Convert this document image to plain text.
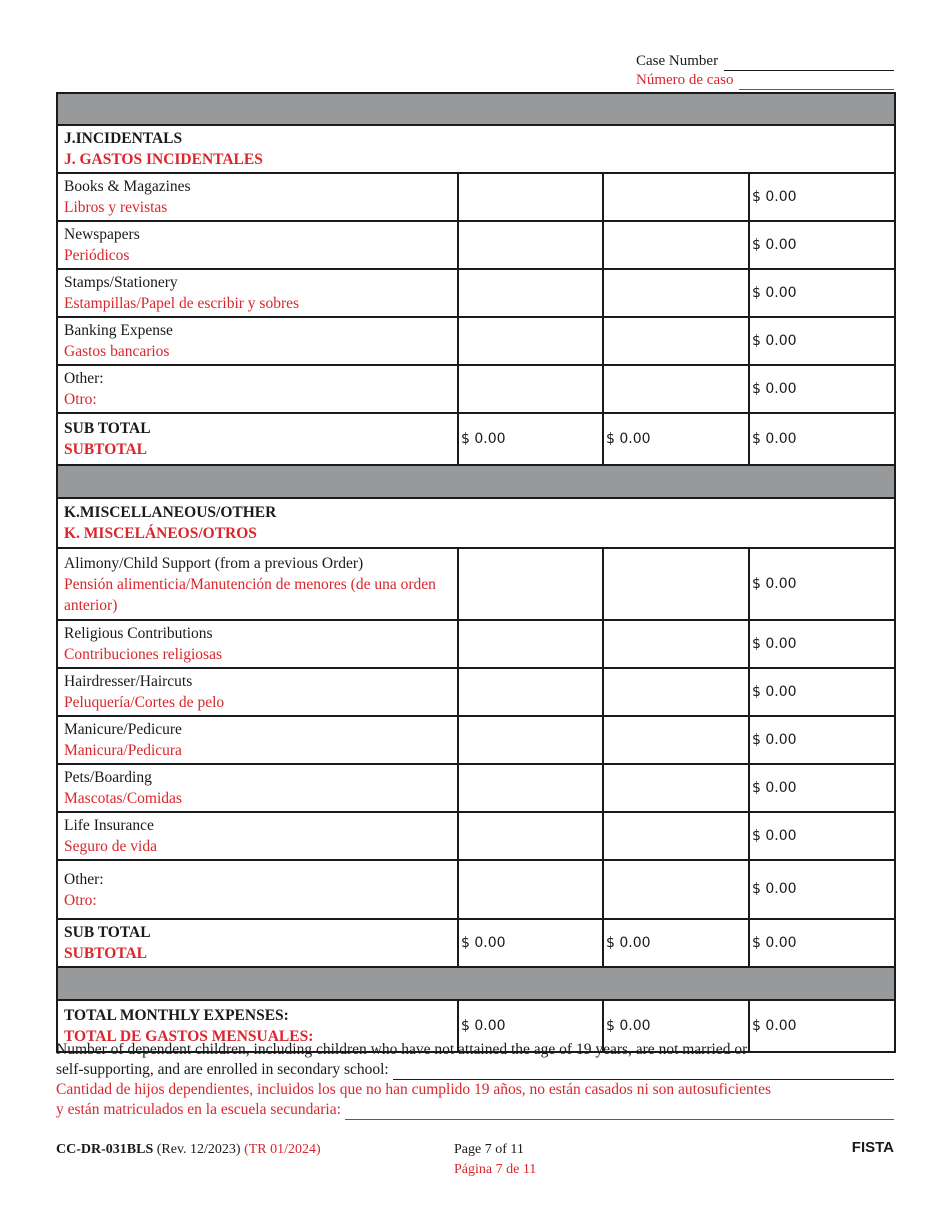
Case Number
Número de caso

J.INCIDENTALS
J. GASTOS INCIDENTALES			

Books & Magazines
Libros y revistas			$ 0.00

Newspapers
Periódicos			$ 0.00

Stamps/Stationery
Estampillas/Papel de escribir y sobres			$ 0.00

Banking Expense
Gastos bancarios			$ 0.00

Other:
Otro:			$ 0.00

SUB TOTAL
SUBTOTAL	$ 0.00	$ 0.00	$ 0.00

K.MISCELLANEOUS/OTHER
K. MISCELÁNEOS/OTROS			

Alimony/Child Support (from a previous Order)
Pensión alimenticia/Manutención de menores (de una orden anterior)			$ 0.00

Religious Contributions
Contribuciones religiosas			$ 0.00

Hairdresser/Haircuts
Peluquería/Cortes de pelo			$ 0.00

Manicure/Pedicure
Manicura/Pedicura			$ 0.00

Pets/Boarding
Mascotas/Comidas			$ 0.00

Life Insurance
Seguro de vida			$ 0.00

Other:
Otro:			$ 0.00

SUB TOTAL
SUBTOTAL	$ 0.00	$ 0.00	$ 0.00

TOTAL MONTHLY EXPENSES:
TOTAL DE GASTOS MENSUALES:	$ 0.00	$ 0.00	$ 0.00
Number of dependent children, including children who have not attained the age of 19 years, are not married or
self-supporting, and are enrolled in secondary school:
Cantidad de hijos dependientes, incluidos los que no han cumplido 19 años, no están casados ni son autosuficientes
y están matriculados en la escuela secundaria:
CC-DR-031BLS (Rev. 12/2023) (TR 01/2024)	Page 7 of 11
Página 7 de 11
FISTA
